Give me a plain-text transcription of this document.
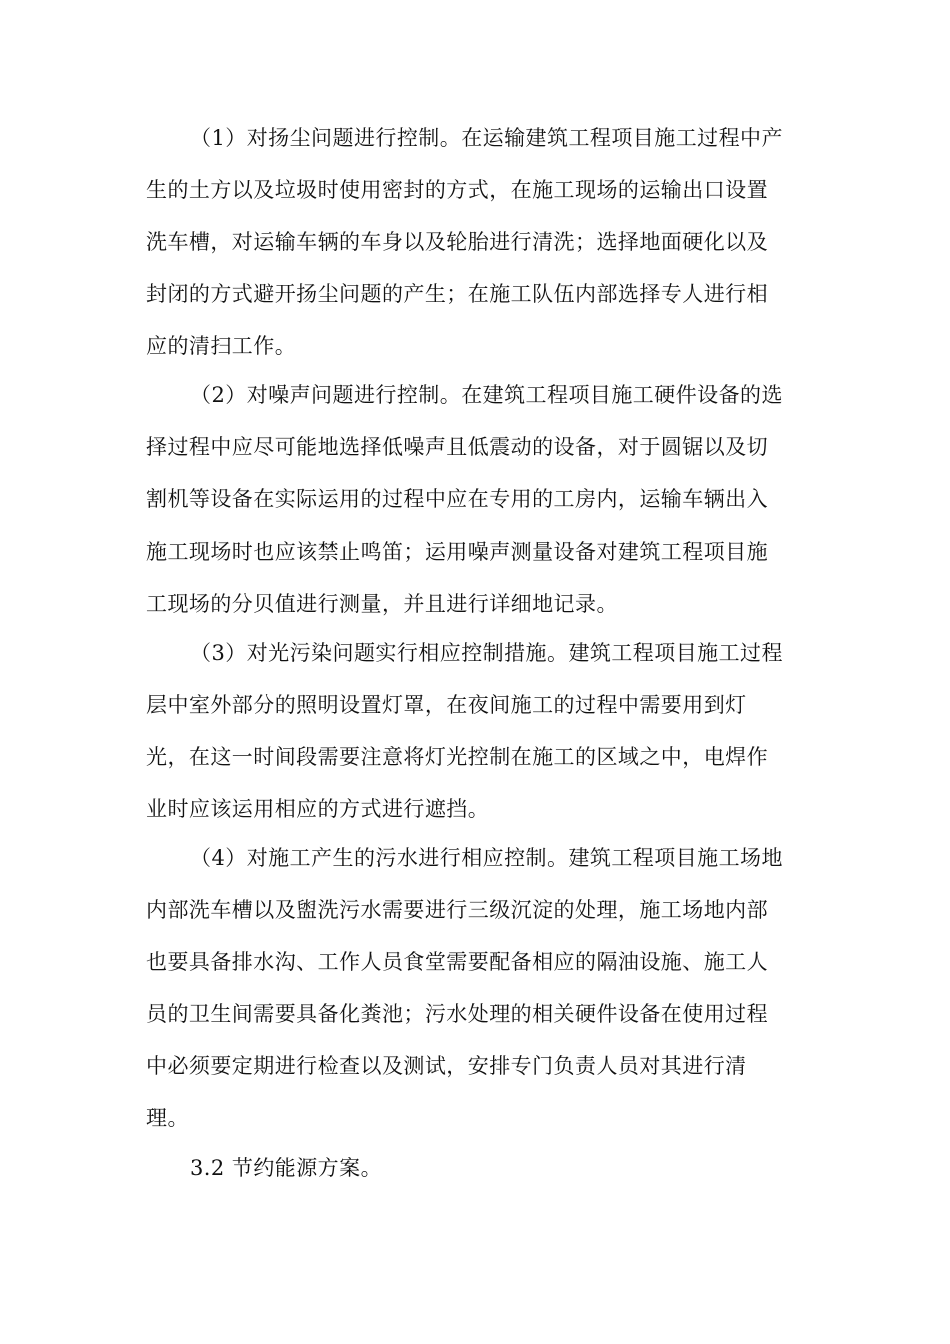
（1）对扬尘问题进行控制。在运输建筑工程项目施工过程中产
生的土方以及垃圾时使用密封的方式，在施工现场的运输出口设置
洗车槽，对运输车辆的车身以及轮胎进行清洗；选择地面硬化以及
封闭的方式避开扬尘问题的产生；在施工队伍内部选择专人进行相
应的清扫工作。
（2）对噪声问题进行控制。在建筑工程项目施工硬件设备的选
择过程中应尽可能地选择低噪声且低震动的设备，对于圆锯以及切
割机等设备在实际运用的过程中应在专用的工房内，运输车辆出入
施工现场时也应该禁止鸣笛；运用噪声测量设备对建筑工程项目施
工现场的分贝值进行测量，并且进行详细地记录。
（3）对光污染问题实行相应控制措施。建筑工程项目施工过程
层中室外部分的照明设置灯罩，在夜间施工的过程中需要用到灯
光，在这一时间段需要注意将灯光控制在施工的区域之中，电焊作
业时应该运用相应的方式进行遮挡。
（4）对施工产生的污水进行相应控制。建筑工程项目施工场地
内部洗车槽以及盥洗污水需要进行三级沉淀的处理，施工场地内部
也要具备排水沟、工作人员食堂需要配备相应的隔油设施、施工人
员的卫生间需要具备化粪池；污水处理的相关硬件设备在使用过程
中必须要定期进行检查以及测试，安排专门负责人员对其进行清
理。
3.2 节约能源方案。
